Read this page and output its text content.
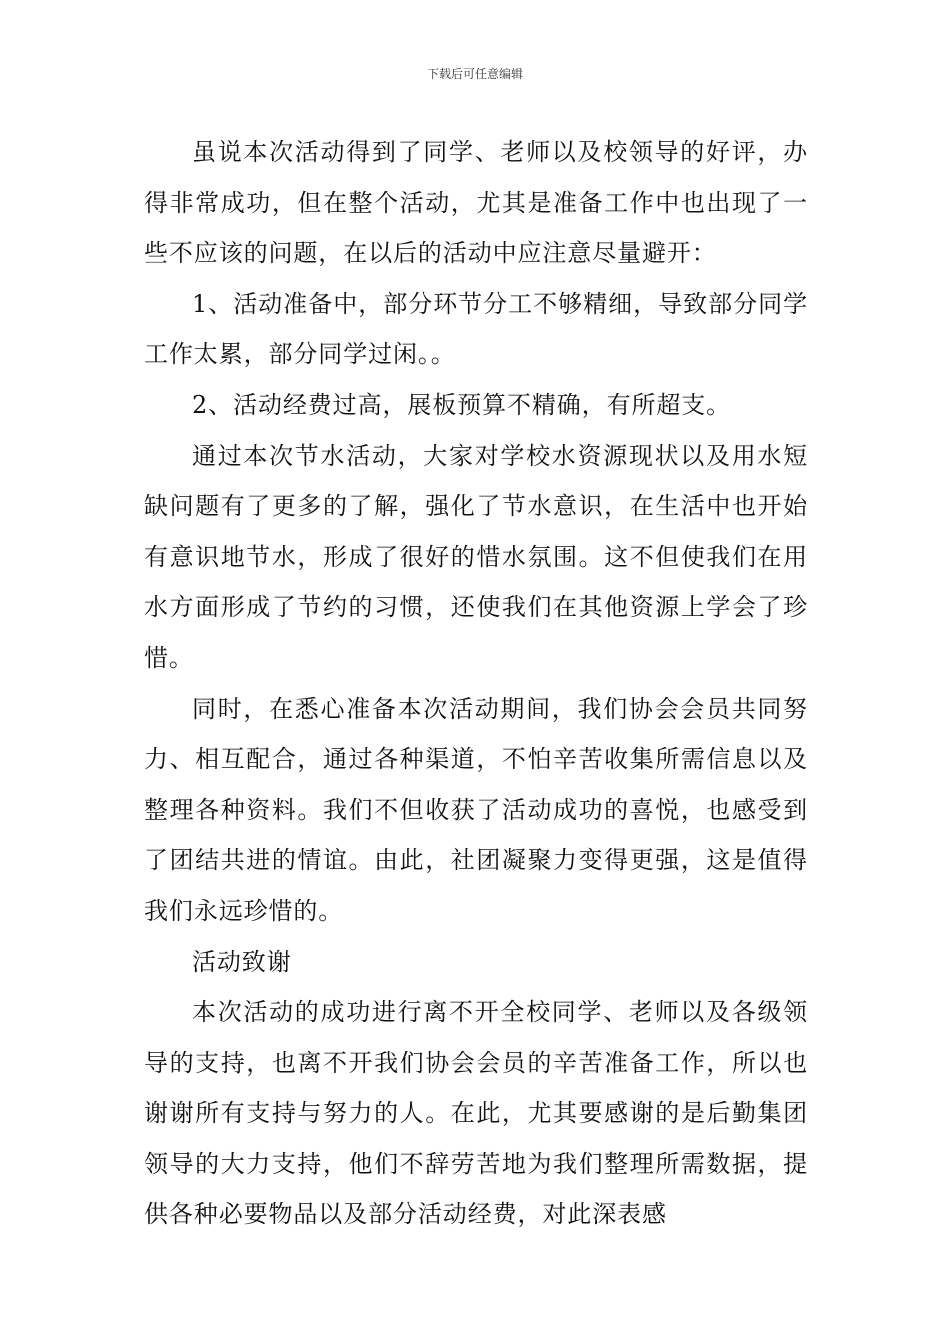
下载后可任意编辑

虽说本次活动得到了同学、老师以及校领导的好评，办得非常成功，但在整个活动，尤其是准备工作中也出现了一些不应该的问题，在以后的活动中应注意尽量避开：

1、活动准备中，部分环节分工不够精细，导致部分同学工作太累，部分同学过闲。。

2、活动经费过高，展板预算不精确，有所超支。

通过本次节水活动，大家对学校水资源现状以及用水短缺问题有了更多的了解，强化了节水意识，在生活中也开始有意识地节水，形成了很好的惜水氛围。这不但使我们在用水方面形成了节约的习惯，还使我们在其他资源上学会了珍惜。

同时，在悉心准备本次活动期间，我们协会会员共同努力、相互配合，通过各种渠道，不怕辛苦收集所需信息以及整理各种资料。我们不但收获了活动成功的喜悦，也感受到了团结共进的情谊。由此，社团凝聚力变得更强，这是值得我们永远珍惜的。

活动致谢

本次活动的成功进行离不开全校同学、老师以及各级领导的支持，也离不开我们协会会员的辛苦准备工作，所以也谢谢所有支持与努力的人。在此，尤其要感谢的是后勤集团领导的大力支持，他们不辞劳苦地为我们整理所需数据，提供各种必要物品以及部分活动经费，对此深表感
